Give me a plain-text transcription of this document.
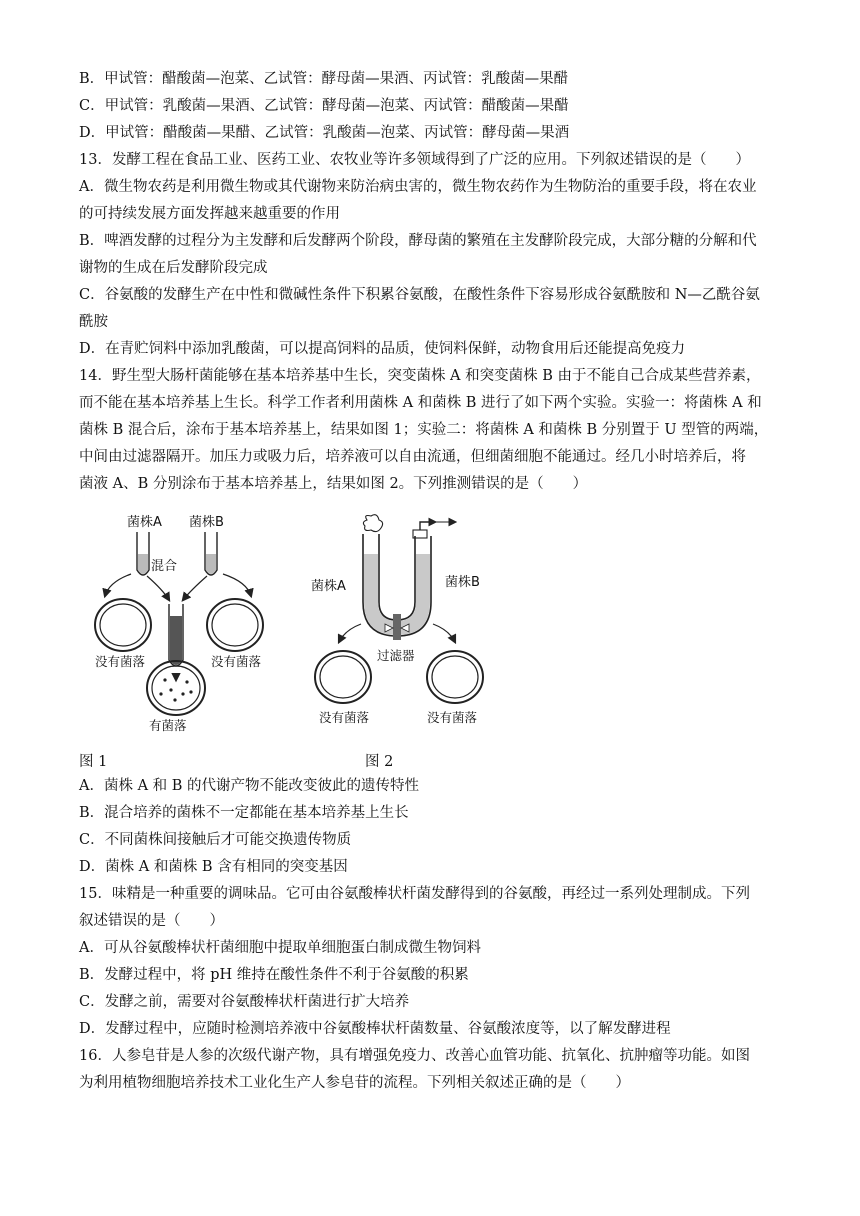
B．甲试管：醋酸菌—泡菜、乙试管：酵母菌—果酒、丙试管：乳酸菌—果醋
C．甲试管：乳酸菌—果酒、乙试管：酵母菌—泡菜、丙试管：醋酸菌—果醋
D．甲试管：醋酸菌—果醋、乙试管：乳酸菌—泡菜、丙试管：酵母菌—果酒
13．发酵工程在食品工业、医药工业、农牧业等许多领域得到了广泛的应用。下列叙述错误的是（　　）
A．微生物农药是利用微生物或其代谢物来防治病虫害的，微生物农药作为生物防治的重要手段，将在农业
的可持续发展方面发挥越来越重要的作用
B．啤酒发酵的过程分为主发酵和后发酵两个阶段，酵母菌的繁殖在主发酵阶段完成，大部分糖的分解和代
谢物的生成在后发酵阶段完成
C．谷氨酸的发酵生产在中性和微碱性条件下积累谷氨酸，在酸性条件下容易形成谷氨酰胺和 N—乙酰谷氨
酰胺
D．在青贮饲料中添加乳酸菌，可以提高饲料的品质，使饲料保鲜，动物食用后还能提高免疫力
14．野生型大肠杆菌能够在基本培养基中生长，突变菌株 A 和突变菌株 B 由于不能自己合成某些营养素，
而不能在基本培养基上生长。科学工作者利用菌株 A 和菌株 B 进行了如下两个实验。实验一：将菌株 A 和
菌株 B 混合后，涂布于基本培养基上，结果如图 1；实验二：将菌株 A 和菌株 B 分别置于 U 型管的两端，
中间由过滤器隔开。加压力或吸力后，培养液可以自由流通，但细菌细胞不能通过。经几小时培养后，将
菌液 A、B 分别涂布于基本培养基上，结果如图 2。下列推测错误的是（　　）
菌株A 菌株B
混合
没有菌落	没有菌落
有菌落
菌株A	菌株B
过滤器
没有菌落	没有菌落
图 1	图 2
A．菌株 A 和 B 的代谢产物不能改变彼此的遗传特性
B．混合培养的菌株不一定都能在基本培养基上生长
C．不同菌株间接触后才可能交换遗传物质
D．菌株 A 和菌株 B 含有相同的突变基因
15．味精是一种重要的调味品。它可由谷氨酸棒状杆菌发酵得到的谷氨酸，再经过一系列处理制成。下列
叙述错误的是（　　）
A．可从谷氨酸棒状杆菌细胞中提取单细胞蛋白制成微生物饲料
B．发酵过程中，将 pH 维持在酸性条件不利于谷氨酸的积累
C．发酵之前，需要对谷氨酸棒状杆菌进行扩大培养
D．发酵过程中，应随时检测培养液中谷氨酸棒状杆菌数量、谷氨酸浓度等，以了解发酵进程
16．人参皂苷是人参的次级代谢产物，具有增强免疫力、改善心血管功能、抗氧化、抗肿瘤等功能。如图
为利用植物细胞培养技术工业化生产人参皂苷的流程。下列相关叙述正确的是（　　）
